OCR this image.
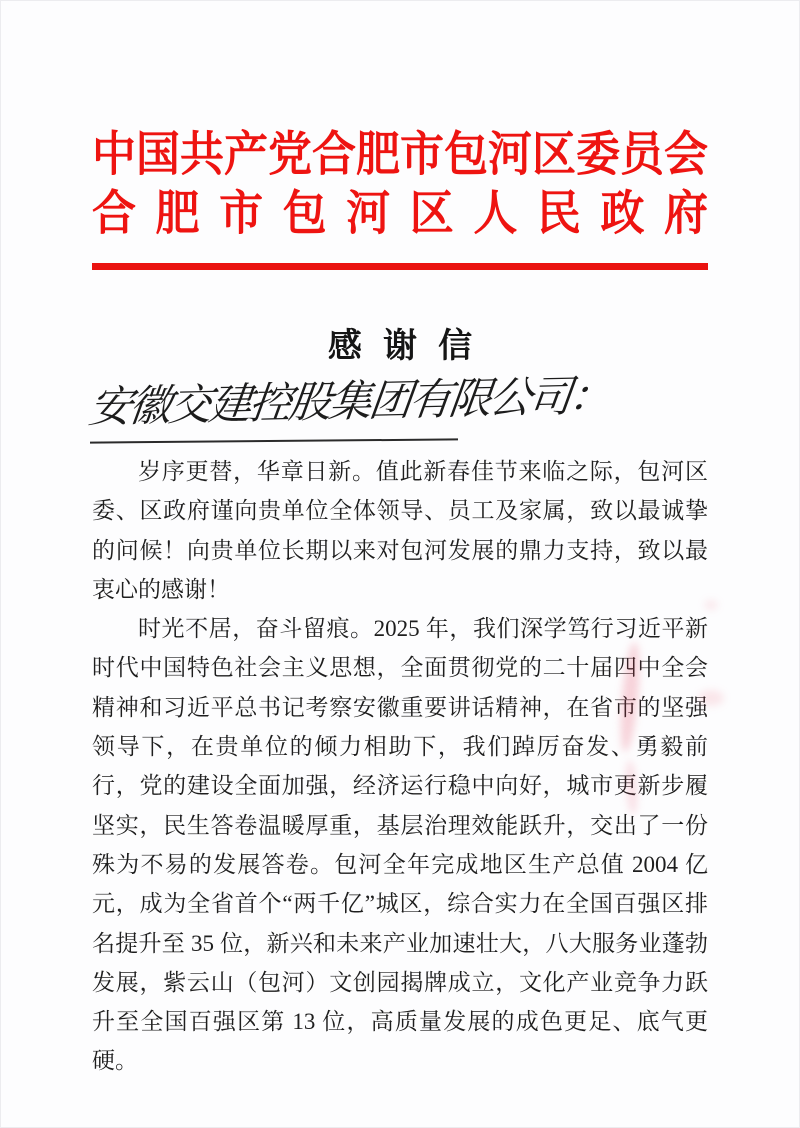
中国共产党合肥市包河区委员会
合肥市包河区人民政府
感谢信
安徽交建控股集团有限公司：

岁序更替，华章日新。值此新春佳节来临之际，包河区委、区政府谨向贵单位全体领导、员工及家属，致以最诚挚的问候！向贵单位长期以来对包河发展的鼎力支持，致以最衷心的感谢！

时光不居，奋斗留痕。2025 年，我们深学笃行习近平新时代中国特色社会主义思想，全面贯彻党的二十届四中全会精神和习近平总书记考察安徽重要讲话精神，在省市的坚强领导下，在贵单位的倾力相助下，我们踔厉奋发、勇毅前行，党的建设全面加强，经济运行稳中向好，城市更新步履坚实，民生答卷温暖厚重，基层治理效能跃升，交出了一份殊为不易的发展答卷。包河全年完成地区生产总值 2004 亿元，成为全省首个“两千亿”城区，综合实力在全国百强区排名提升至 35 位，新兴和未来产业加速壮大，八大服务业蓬勃发展，紫云山（包河）文创园揭牌成立，文化产业竞争力跃升至全国百强区第 13 位，高质量发展的成色更足、底气更硬。
